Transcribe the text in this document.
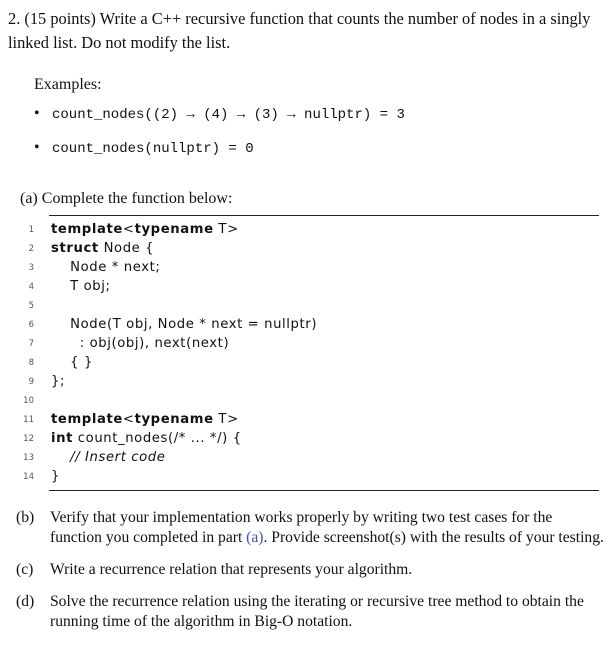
2. (15 points) Write a C++ recursive function that counts the number of nodes in a singly linked list. Do not modify the list.
Examples:
• count_nodes((2) → (4) → (3) → nullptr) = 3
• count_nodes(nullptr) = 0
(a) Complete the function below:
1 template<typename T>
2 struct Node {
3 Node * next;
4 T obj;
5
6 Node(T obj, Node * next = nullptr)
7 : obj(obj), next(next)
8 { }
9 };
10
11 template<typename T>
12 int count_nodes(/* ... */) {
13 // Insert code
14 }
(b) Verify that your implementation works properly by writing two test cases for the function you completed in part (a). Provide screenshot(s) with the results of your testing.
(c) Write a recurrence relation that represents your algorithm.
(d) Solve the recurrence relation using the iterating or recursive tree method to obtain the running time of the algorithm in Big-O notation.
